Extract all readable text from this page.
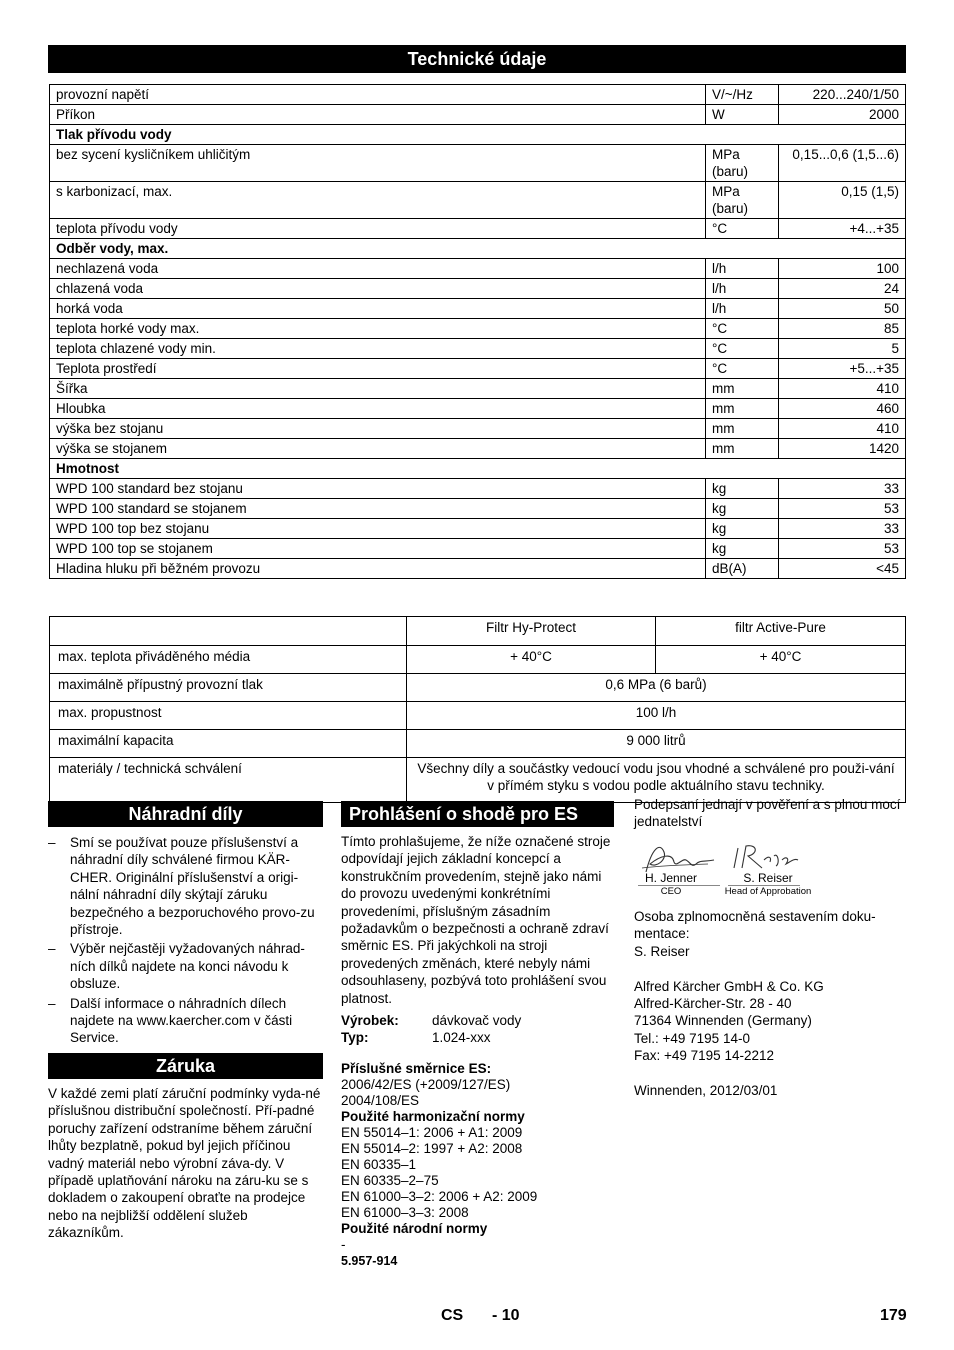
Technické údaje
provozní napětí	V/~/Hz	220...240/1/50
Příkon	W	2000
Tlak přívodu vody		
bez sycení kysličníkem uhličitým	MPa (baru)	0,15...0,6 (1,5...6)
s karbonizací, max.	MPa (baru)	0,15 (1,5)
teplota přívodu vody	°C	+4...+35
Odběr vody, max.		
nechlazená voda	l/h	100
chlazená voda	l/h	24
horká voda	l/h	50
teplota horké vody max.	°C	85
teplota chlazené vody min.	°C	5
Teplota prostředí	°C	+5...+35
Šířka	mm	410
Hloubka	mm	460
výška bez stojanu	mm	410
výška se stojanem	mm	1420
Hmotnost		
WPD 100 standard bez stojanu	kg	33
WPD 100 standard se stojanem	kg	53
WPD 100 top bez stojanu	kg	33
WPD 100 top se stojanem	kg	53
Hladina hluku při běžném provozu	dB(A)	<45
	Filtr Hy-Protect	filtr Active-Pure
max. teplota přiváděného média	+ 40°C	+ 40°C
maximálně přípustný provozní tlak	0,6 MPa (6 barů)	
max. propustnost	100 l/h	
maximální kapacita	9 000 litrů	
materiály / technická schválení	Všechny díly a součástky vedoucí vodu jsou vhodné a schválené pro použi-vání v přímém styku s vodou podle aktuálního stavu techniky.	
Náhradní díly
– Smí se používat pouze příslušenství a náhradní díly schválené firmou KÄR-CHER. Originální příslušenství a origi-nální náhradní díly skýtají záruku bezpečného a bezporuchového provo-zu přístroje.
– Výběr nejčastěji vyžadovaných náhrad-ních dílků najdete na konci návodu k obsluze.
– Další informace o náhradních dílech najdete na www.kaercher.com v části Service.
Záruka

V každé zemi platí záruční podmínky vyda-né příslušnou distribuční společností. Pří-padné poruchy zařízení odstraníme během záruční lhůty bezplatně, pokud byl jejich příčinou vadný materiál nebo výrobní záva-dy. V případě uplatňování nároku na záru-ku se s dokladem o zakoupení obraťte na prodejce nebo na nejbližší oddělení služeb zákazníkům.

Prohlášení o shodě pro ES

Tímto prohlašujeme, že níže označené stroje odpovídají jejich základní koncepcí a konstrukčním provedením, stejně jako námi do provozu uvedenými konkrétními provedeními, příslušným zásadním požadavkům o bezpečnosti a ochraně zdraví směrnic ES. Při jakýchkoli na stroji provedených změnách, které nebyly námi odsouhlaseny, pozbývá toto prohlášení svou platnost.

Výrobek:	dávkovač vody
Typ:	1.024-xxx
Příslušné směrnice ES:
2006/42/ES (+2009/127/ES)
2004/108/ES
Použité harmonizační normy
EN 55014–1: 2006 + A1: 2009
EN 55014–2: 1997 + A2: 2008
EN 60335–1
EN 60335–2–75
EN 61000–3–2: 2006 + A2: 2009
EN 61000–3–3: 2008
Použité národní normy
-
5.957-914

Podepsaní jednají v pověření a s plnou mocí jednatelství

H. Jenner
CEO
S. Reiser
Head of Approbation

Osoba zplnomocněná sestavením doku-

mentace:

S. Reiser

Alfred Kärcher GmbH & Co. KG

Alfred-Kärcher-Str. 28 - 40

71364 Winnenden (Germany)

Tel.: +49 7195 14-0

Fax: +49 7195 14-2212

Winnenden, 2012/03/01

CS - 10	179
